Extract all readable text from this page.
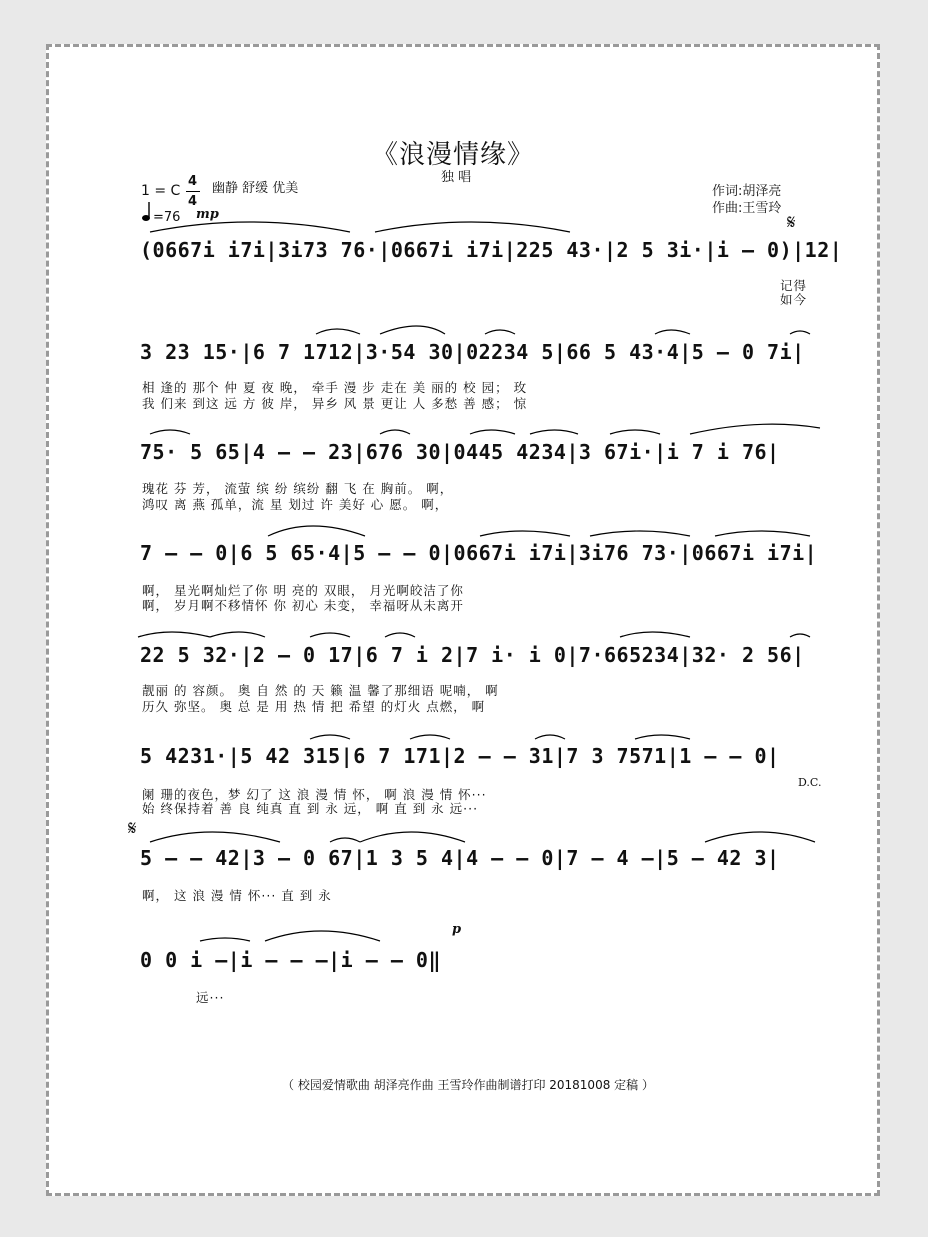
《浪漫情缘》
独 唱
1 = C
4
4
幽静 舒缓 优美
=76 mp
作词:胡泽亮
作曲:王雪玲
𝄋
(0667i i7i|3i73 76·|0667i i7i|225 43·|2 5 3i·|i – 0)|12|
记得
如今
3 23 15·|6 7 1712|3·54 30|02234 5|66 5 43·4|5 – 0 7i|
相 逢的 那个 仲 夏 夜 晚， 牵手 漫 步 走在 美 丽的 校 园； 玫
我 们来 到这 远 方 彼 岸， 异乡 风 景 更让 人 多愁 善 感； 惊
75· 5 65|4 – – 23|676 30|0445 4234|3 67i·|i 7 i 76|
瑰花 芬 芳， 流萤 缤 纷 缤纷 翻 飞 在 胸前。 啊，
鸿叹 离 燕 孤单，流 星 划过 许 美好 心 愿。 啊，
7 – – 0|6 5 65·4|5 – – 0|0667i i7i|3i76 73·|0667i i7i|
啊， 星光啊灿烂了你 明 亮的 双眼， 月光啊皎洁了你
啊， 岁月啊不移情怀 你 初心 未变， 幸福呀从未离开
22 5 32·|2 – 0 17|6 7 i 2|7 i· i 0|7·665234|32· 2 56|
靓丽 的 容颜。 奥 自 然 的 天 籁 温 馨了那细语 呢喃， 啊
历久 弥坚。 奥 总 是 用 热 情 把 希望 的灯火 点燃， 啊
5 4231·|5 42 315|6 7 171|2 – – 31|7 3 7571|1 – – 0|
D.C.
阑 珊的夜色，梦 幻了 这 浪 漫 情 怀， 啊 浪 漫 情 怀···
始 终保持着 善 良 纯真 直 到 永 远， 啊 直 到 永 远···
𝄋
5 – – 42|3 – 0 67|1 3 5 4|4 – – 0|7 – 4 –|5 – 42 3|
啊， 这 浪 漫 情 怀··· 直 到 永
p
0 0 i –|i – – –|i – – 0‖
远···
（ 校园爱情歌曲 胡泽亮作曲 王雪玲作曲制谱打印 20181008 定稿 ）
